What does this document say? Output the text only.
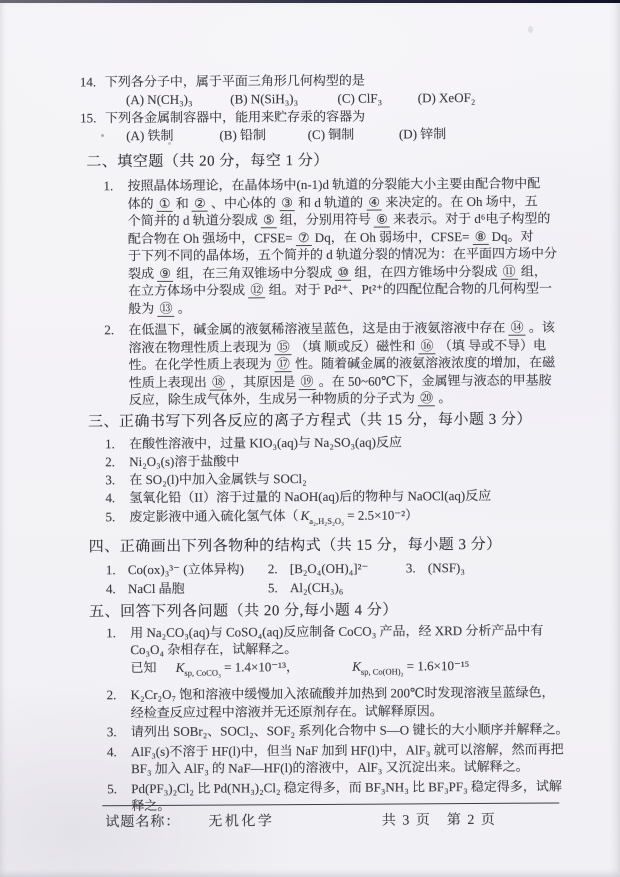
14. 下列各分子中，属于平面三角形几何构型的是
(A) N(CH₃)₃	(B) N(SiH₃)₃	(C) ClF₃	(D) XeOF₂
15. 下列各金属制容器中，能用来贮存汞的容器为
(A) 铁制	(B) 铅制	(C) 铜制	(D) 锌制
二、填空题（共 20 分，每空 1 分）
1. 按照晶体场理论，在晶体场中(n-1)d 轨道的分裂能大小主要由配合物中配
体的 ① 和 ② 、中心体的 ③ 和 d 轨道的 ④ 来决定的。在 Oh 场中，五
个简并的 d 轨道分裂成 ⑤ 组，分别用符号 ⑥ 来表示。对于 d⁶电子构型的
配合物在 Oh 强场中，CFSE= ⑦ Dq，在 Oh 弱场中，CFSE= ⑧ Dq。对
于下列不同的晶体场，五个简并的 d 轨道分裂的情况为：在平面四方场中分
裂成 ⑨ 组，在三角双锥场中分裂成 ⑩ 组，在四方锥场中分裂成 ⑪ 组，
在立方体场中分裂成 ⑫ 组。对于 Pd²⁺、Pt²⁺的四配位配合物的几何构型一
般为 ⑬ 。
2. 在低温下，碱金属的液氨稀溶液呈蓝色，这是由于液氨溶液中存在 ⑭ 。该
溶液在物理性质上表现为 ⑮ （填 顺或反）磁性和 ⑯ （填 导或不导）电
性。在化学性质上表现为 ⑰ 性。随着碱金属的液氨溶液浓度的增加，在磁
性质上表现出 ⑱ ，其原因是 ⑲ 。在 50~60℃下，金属锂与液态的甲基胺
反应，除生成气体外，生成另一种物质的分子式为 ⑳ 。
三、正确书写下列各反应的离子方程式（共 15 分，每小题 3 分）
1. 在酸性溶液中，过量 KIO₃(aq)与 Na₂SO₃(aq)反应
2. Ni₂O₃(s)溶于盐酸中
3. 在 SO₂(l)中加入金属铁与 SOCl₂
4. 氢氧化铅（II）溶于过量的 NaOH(aq)后的物种与 NaOCl(aq)反应
5. 废定影液中通入硫化氢气体（ $K_{a_2,H_2S_2O_3} = 2.5\times 10^{-2}$）
四、正确画出下列各物种的结构式（共 15 分，每小题 3 分）
1. Co(ox)₃³⁻ (立体异构)	2. [B₂O₄(OH)₄]²⁻	3. (NSF)₃
4. NaCl 晶胞	5. Al₂(CH₃)₆
五、回答下列各问题（共 20 分,每小题 4 分）
1. 用 Na₂CO₃(aq)与 CoSO₄(aq)反应制备 CoCO₃ 产品，经 XRD 分析产品中有
Co₃O₄ 杂相存在，试解释之。
已知 $K_{sp, CoCO_3} = 1.4\times 10^{-13}$，	$K_{sp, Co(OH)_2} = 1.6\times 10^{-15}$
2. K₂Cr₂O₇ 饱和溶液中缓慢加入浓硫酸并加热到 200℃时发现溶液呈蓝绿色，
经检查反应过程中溶液并无还原剂存在。试解释原因。
3. 请列出 SOBr₂、SOCl₂、SOF₂ 系列化合物中 S—O 键长的大小顺序并解释之。
4. AlF₃(s)不溶于 HF(l)中，但当 NaF 加到 HF(l)中，AlF₃ 就可以溶解，然而再把
BF₃ 加入 AlF₃ 的 NaF—HF(l)的溶液中，AlF₃ 又沉淀出来。试解释之。
5. Pd(PF₃)₂Cl₂ 比 Pd(NH₃)₂Cl₂ 稳定得多，而 BF₃NH₃ 比 BF₃PF₃ 稳定得多，试解
释之。
试题名称： 无机化学	共 3 页　第 2 页
